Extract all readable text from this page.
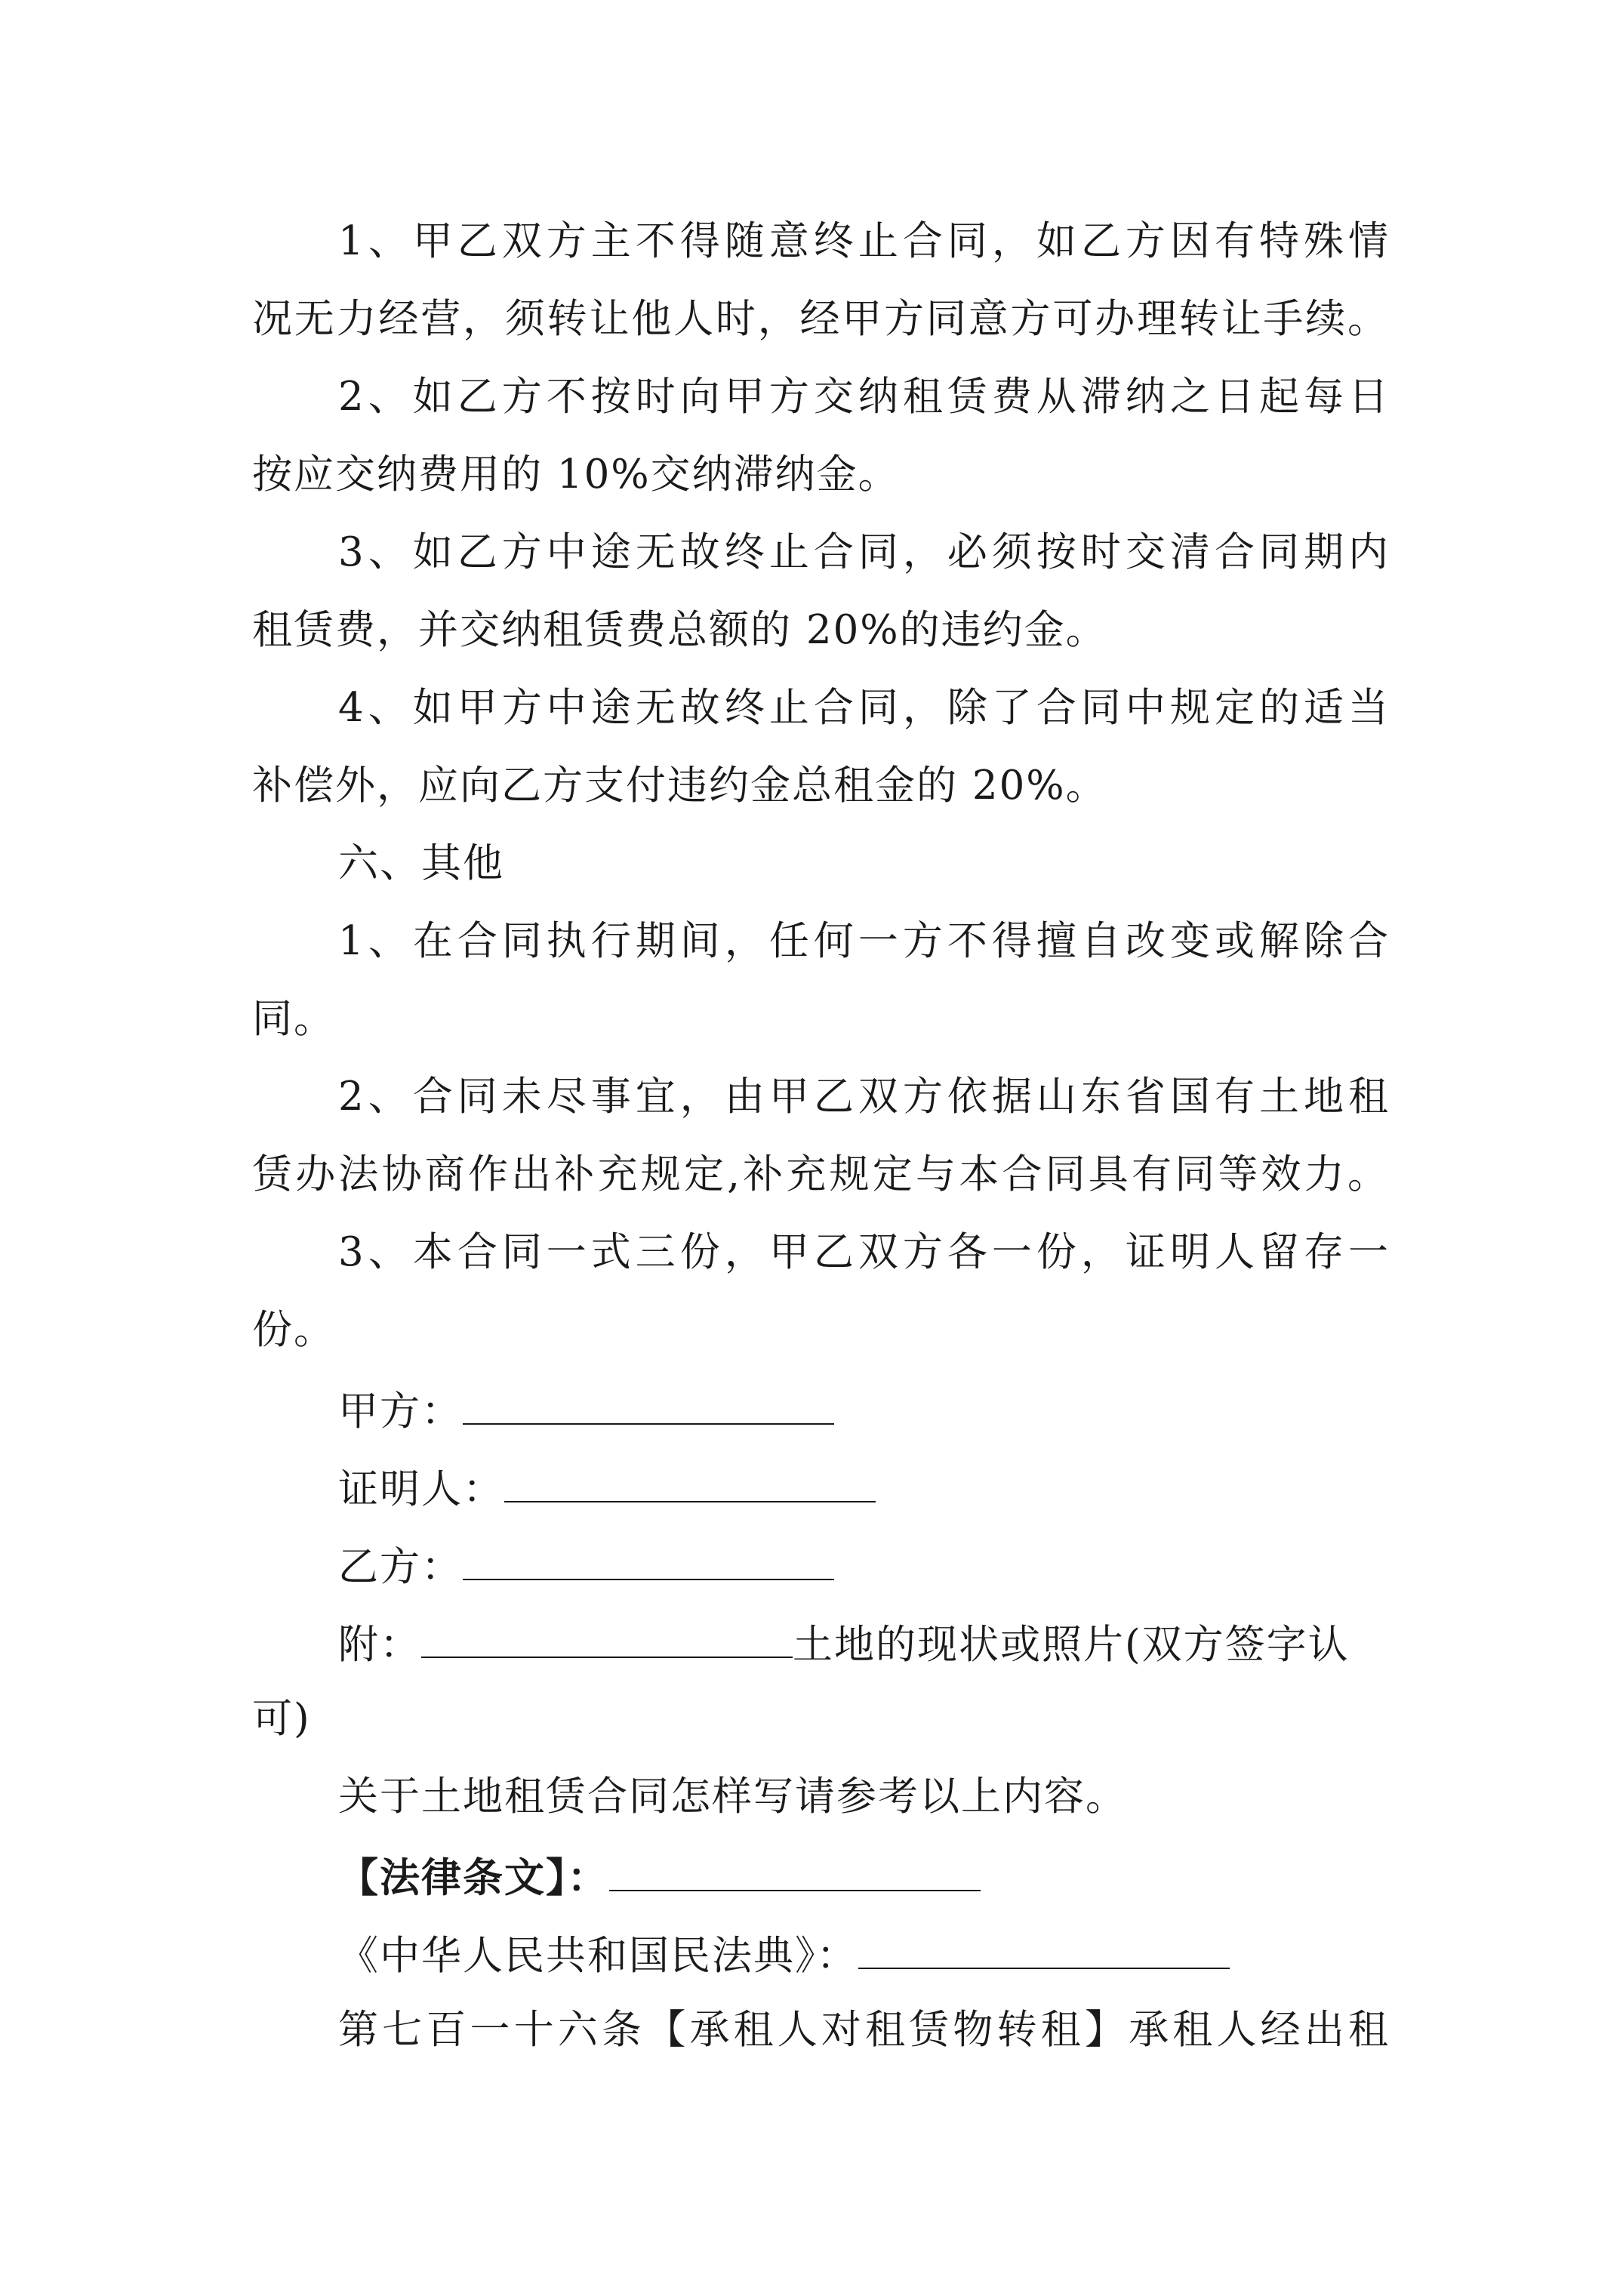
1、甲乙双方主不得随意终止合同，如乙方因有特殊情
况无力经营，须转让他人时，经甲方同意方可办理转让手续。
2、如乙方不按时向甲方交纳租赁费从滞纳之日起每日
按应交纳费用的 10%交纳滞纳金。
3、如乙方中途无故终止合同，必须按时交清合同期内
租赁费，并交纳租赁费总额的 20%的违约金。
4、如甲方中途无故终止合同，除了合同中规定的适当
补偿外，应向乙方支付违约金总租金的 20%。
六、其他
1、在合同执行期间，任何一方不得擅自改变或解除合
同。
2、合同未尽事宜，由甲乙双方依据山东省国有土地租
赁办法协商作出补充规定,补充规定与本合同具有同等效力。
3、本合同一式三份，甲乙双方各一份，证明人留存一
份。
甲方：
证明人：
乙方：
附：	土地的现状或照片(双方签字认
可)
关于土地租赁合同怎样写请参考以上内容。
【法律条文】：
《中华人民共和国民法典》：
第七百一十六条【承租人对租赁物转租】承租人经出租
